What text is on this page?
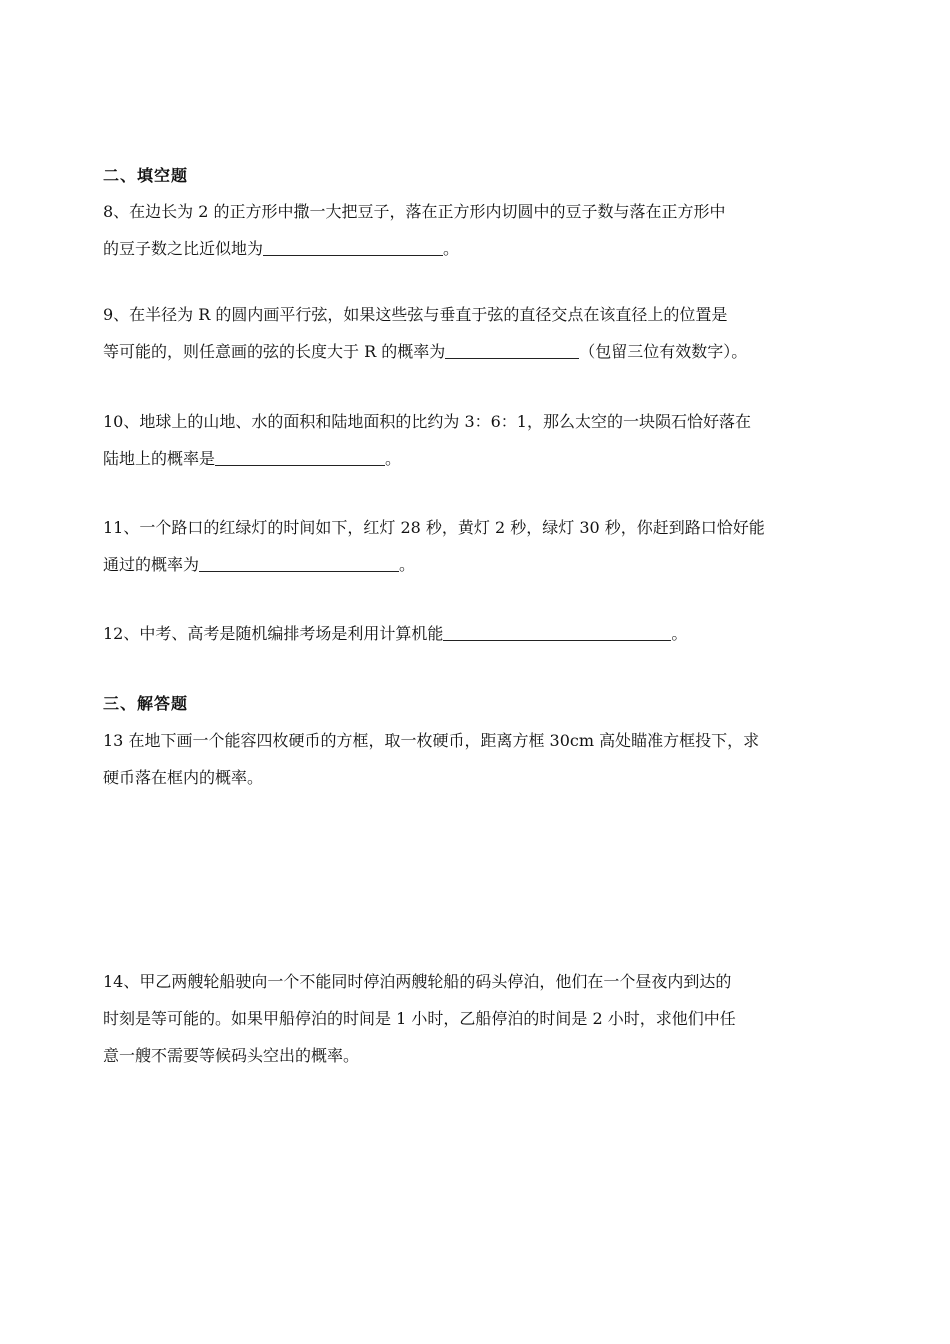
二、填空题
8、在边长为 2 的正方形中撒一大把豆子，落在正方形内切圆中的豆子数与落在正方形中
的豆子数之比近似地为	。
9、在半径为 R 的圆内画平行弦，如果这些弦与垂直于弦的直径交点在该直径上的位置是
等可能的，则任意画的弦的长度大于 R 的概率为	（包留三位有效数字）。
10、地球上的山地、水的面积和陆地面积的比约为 3：6：1，那么太空的一块陨石恰好落在
陆地上的概率是	。
11、一个路口的红绿灯的时间如下，红灯 28 秒，黄灯 2 秒，绿灯 30 秒，你赶到路口恰好能
通过的概率为	。
12、中考、高考是随机编排考场是利用计算机能	。
三、解答题
13 在地下画一个能容四枚硬币的方框，取一枚硬币，距离方框 30cm 高处瞄准方框投下，求
硬币落在框内的概率。
14、甲乙两艘轮船驶向一个不能同时停泊两艘轮船的码头停泊，他们在一个昼夜内到达的
时刻是等可能的。如果甲船停泊的时间是 1 小时，乙船停泊的时间是 2 小时，求他们中任
意一艘不需要等候码头空出的概率。
